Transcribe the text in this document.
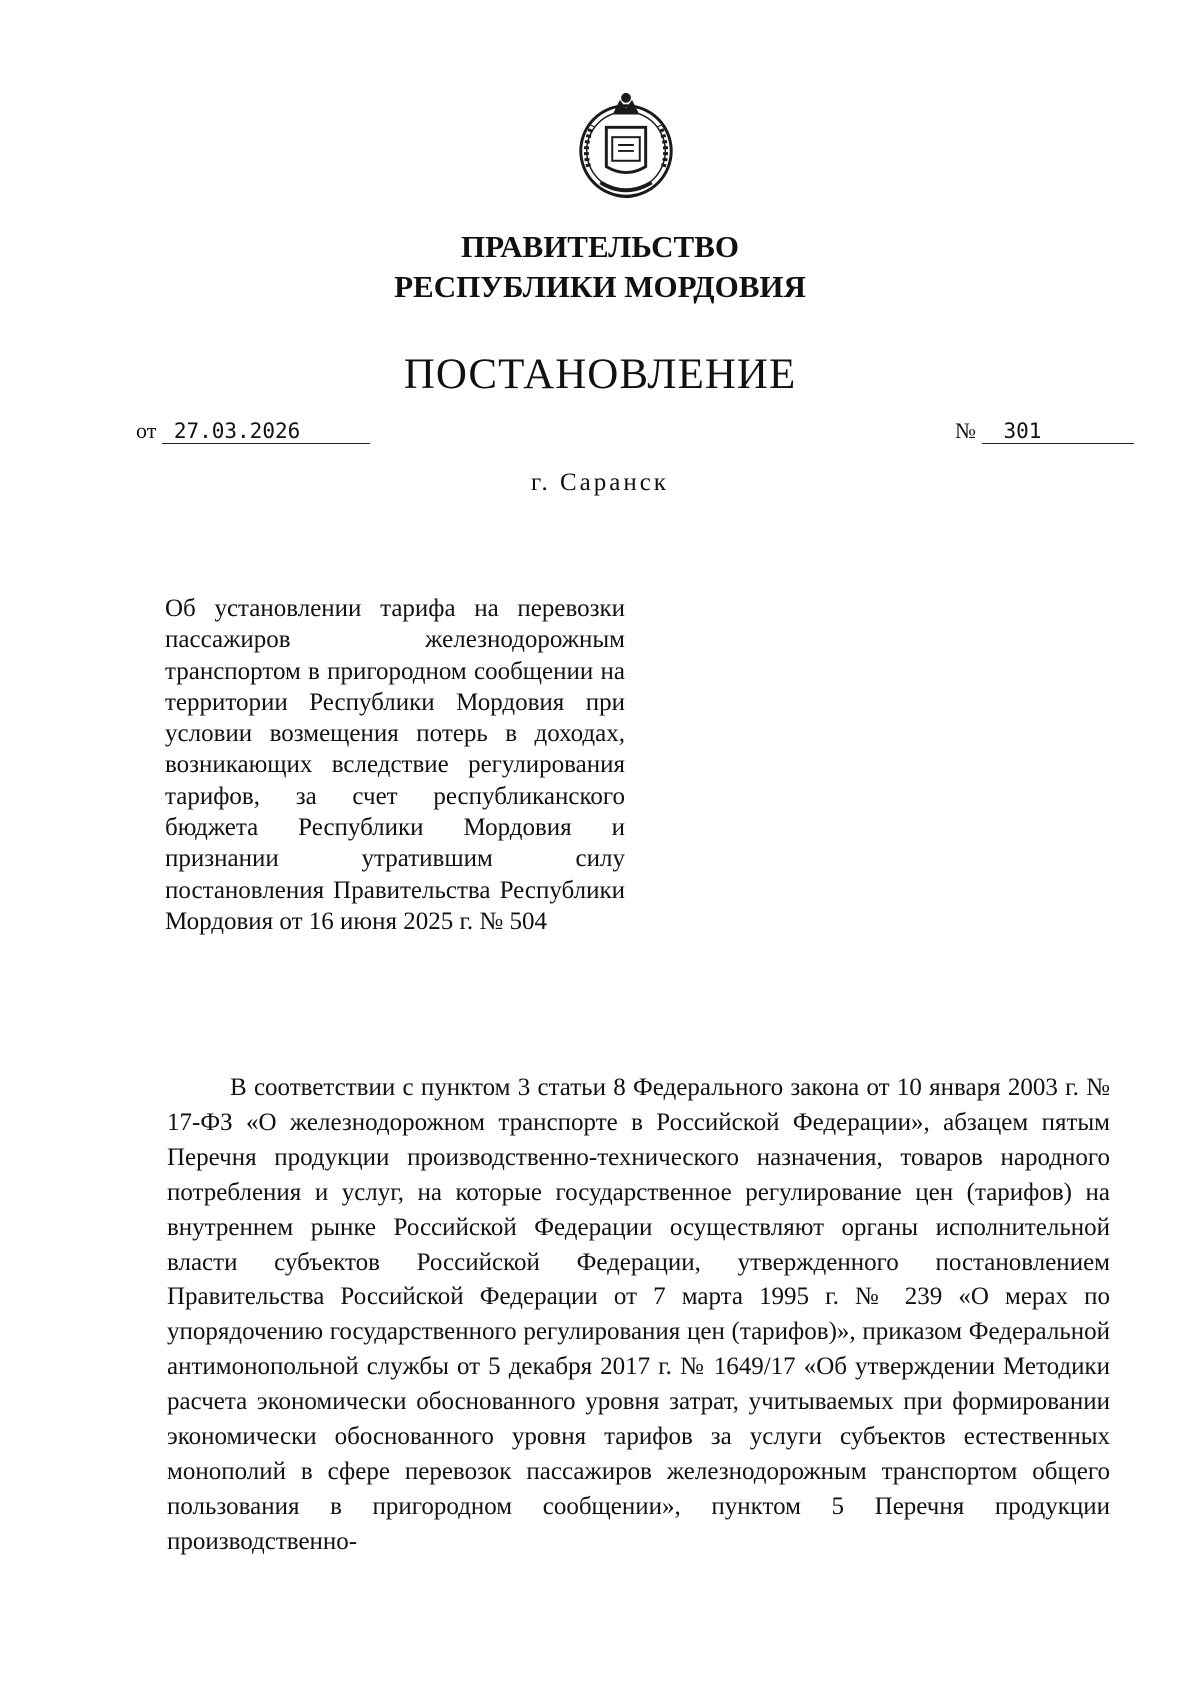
ПРАВИТЕЛЬСТВО
РЕСПУБЛИКИ МОРДОВИЯ
ПОСТАНОВЛЕНИЕ
от 27.03.2026	№ 301
г. Саранск
Об установлении тарифа на перевозки пассажиров железнодорожным транспортом в пригородном сообщении на территории Республики Мордовия при условии возмещения потерь в доходах, возникающих вследствие регулирования тарифов, за счет республиканского бюджета Республики Мордовия и признании утратившим силу постановления Правительства Республики Мордовия от 16 июня 2025 г. № 504

В соответствии с пунктом 3 статьи 8 Федерального закона от 10 января 2003 г. № 17-ФЗ «О железнодорожном транспорте в Российской Федерации», абзацем пятым Перечня продукции производственно-технического назначения, товаров народного потребления и услуг, на которые государственное регулирование цен (тарифов) на внутреннем рынке Российской Федерации осуществляют органы исполнительной власти субъектов Российской Федерации, утвержденного постановлением Правительства Российской Федерации от 7 марта 1995 г. № 239 «О мерах по упорядочению государственного регулирования цен (тарифов)», приказом Федеральной антимонопольной службы от 5 декабря 2017 г. № 1649/17 «Об утверждении Методики расчета экономически обоснованного уровня затрат, учитываемых при формировании экономически обоснованного уровня тарифов за услуги субъектов естественных монополий в сфере перевозок пассажиров железнодорожным транспортом общего пользования в пригородном сообщении», пунктом 5 Перечня продукции производственно-
